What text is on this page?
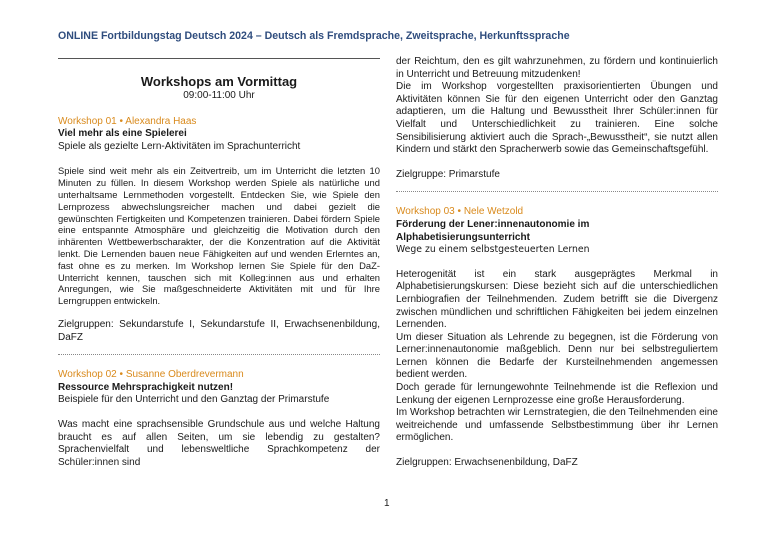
ONLINE Fortbildungstag Deutsch 2024 – Deutsch als Fremdsprache, Zweitsprache, Herkunftssprache
Workshops am Vormittag
09:00-11:00 Uhr
Workshop 01 • Alexandra Haas
Viel mehr als eine Spielerei
Spiele als gezielte Lern-Aktivitäten im Sprachunterricht

Spiele sind weit mehr als ein Zeitvertreib, um im Unterricht die letzten 10 Minuten zu füllen. In diesem Workshop werden Spiele als natürliche und unterhaltsame Lernmethoden vorgestellt. Entdecken Sie, wie Spiele den Lernprozess abwechslungsreicher machen und dabei gezielt die gewünschten Fertigkeiten und Kompetenzen trainieren. Dabei fördern Spiele eine entspannte Atmosphäre und gleichzeitig die Motivation durch den inhärenten Wettbewerbscharakter, der die Konzentration auf die Aktivität lenkt. Die Lernenden bauen neue Fähigkeiten auf und wenden Erlerntes an, fast ohne es zu merken. Im Workshop lernen Sie Spiele für den DaZ-Unterricht kennen, tauschen sich mit Kolleg:innen aus und erhalten Anregungen, wie Sie maßgeschneiderte Aktivitäten mit und für Ihre Lerngruppen entwickeln.

Zielgruppen: Sekundarstufe I, Sekundarstufe II, Erwachsenenbildung, DaFZ
Workshop 02 • Susanne Oberdrevermann
Ressource Mehrsprachigkeit nutzen!
Beispiele für den Unterricht und den Ganztag der Primarstufe

Was macht eine sprachsensible Grundschule aus und welche Haltung braucht es auf allen Seiten, um sie lebendig zu gestalten? Sprachenvielfalt und lebensweltliche Sprachkompetenz der Schüler:innen sind

der Reichtum, den es gilt wahrzunehmen, zu fördern und kontinuierlich in Unterricht und Betreuung mitzudenken!

Die im Workshop vorgestellten praxisorientierten Übungen und Aktivitäten können Sie für den eigenen Unterricht oder den Ganztag adaptieren, um die Haltung und Bewusstheit Ihrer Schüler:innen für Vielfalt und Unterschiedlichkeit zu trainieren. Eine solche Sensibilisierung aktiviert auch die Sprach-„Bewusstheit“, sie nutzt allen Kindern und stärkt den Spracherwerb sowie das Gemeinschaftsgefühl.

Zielgruppe: Primarstufe
Workshop 03 • Nele Wetzold
Förderung der Lener:innenautonomie im Alphabetisierungsunterricht
Wege zu einem selbstgesteuerten Lernen

Heterogenität ist ein stark ausgeprägtes Merkmal in Alphabetisierungskursen: Diese bezieht sich auf die unterschiedlichen Lernbiografien der Teilnehmenden. Zudem betrifft sie die Divergenz zwischen mündlichen und schriftlichen Fähigkeiten bei jedem einzelnen Lernenden.

Um dieser Situation als Lehrende zu begegnen, ist die Förderung von Lerner:innenautonomie maßgeblich. Denn nur bei selbstreguliertem Lernen können die Bedarfe der Kursteilnehmenden angemessen bedient werden.

Doch gerade für lernungewohnte Teilnehmende ist die Reflexion und Lenkung der eigenen Lernprozesse eine große Herausforderung.

Im Workshop betrachten wir Lernstrategien, die den Teilnehmenden eine weitreichende und umfassende Selbstbestimmung über ihr Lernen ermöglichen.

Zielgruppen: Erwachsenenbildung, DaFZ
1
